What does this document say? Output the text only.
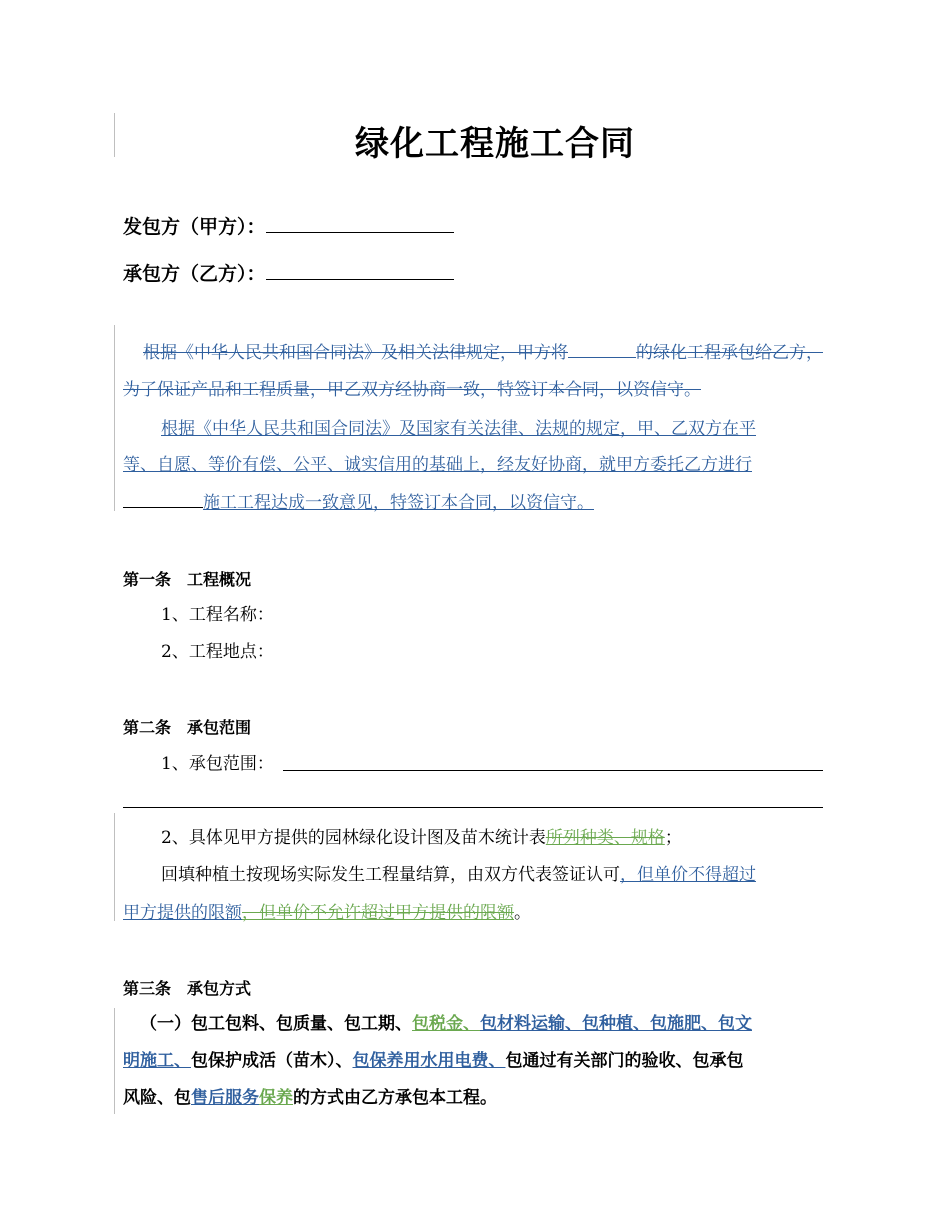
绿化工程施工合同
发包方（甲方）：
承包方（乙方）：
根据《中华人民共和国合同法》及相关法律规定，甲方将	的绿化工程承包给乙方，
为了保证产品和工程质量，甲乙双方经协商一致，特签订本合同，以资信守。
根据《中华人民共和国合同法》及国家有关法律、法规的规定，甲、乙双方在平
等、自愿、等价有偿、公平、诚实信用的基础上，经友好协商，就甲方委托乙方进行
施工工程达成一致意见，特签订本合同，以资信守。
第一条　工程概况
1、工程名称：
2、工程地点：
第二条　承包范围
1、承包范围：
2、具体见甲方提供的园林绿化设计图及苗木统计表所列种类、规格；
回填种植土按现场实际发生工程量结算，由双方代表签证认可，但单价不得超过
甲方提供的限额，但单价不允许超过甲方提供的限额。
第三条　承包方式
（一）包工包料、包质量、包工期、包税金、包材料运输、包种植、包施肥、包文
明施工、包保护成活（苗木）、包保养用水用电费、包通过有关部门的验收、包承包
风险、包售后服务保养的方式由乙方承包本工程。
